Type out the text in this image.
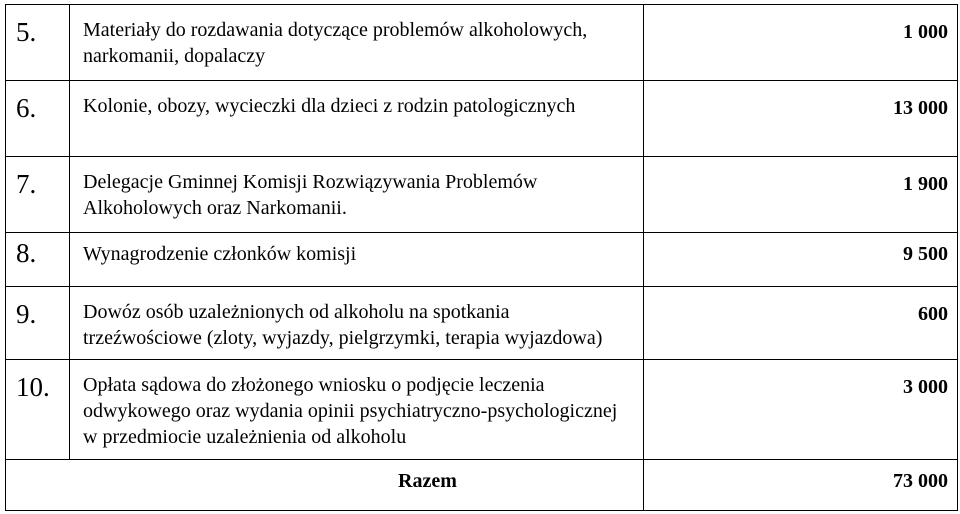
5.	Materiały do rozdawania dotyczące problemów alkoholowych, narkomanii, dopalaczy	1 000
6.	Kolonie, obozy, wycieczki dla dzieci z rodzin patologicznych	13 000
7.	Delegacje Gminnej Komisji Rozwiązywania Problemów Alkoholowych oraz Narkomanii.	1 900
8.	Wynagrodzenie członków komisji	9 500
9.	Dowóz osób uzależnionych od alkoholu na spotkania trzeźwościowe (zloty, wyjazdy, pielgrzymki, terapia wyjazdowa)	600
10.	Opłata sądowa do złożonego wniosku o podjęcie leczenia odwykowego oraz wydania opinii psychiatryczno-psychologicznej w przedmiocie uzależnienia od alkoholu	3 000
Razem		73 000
